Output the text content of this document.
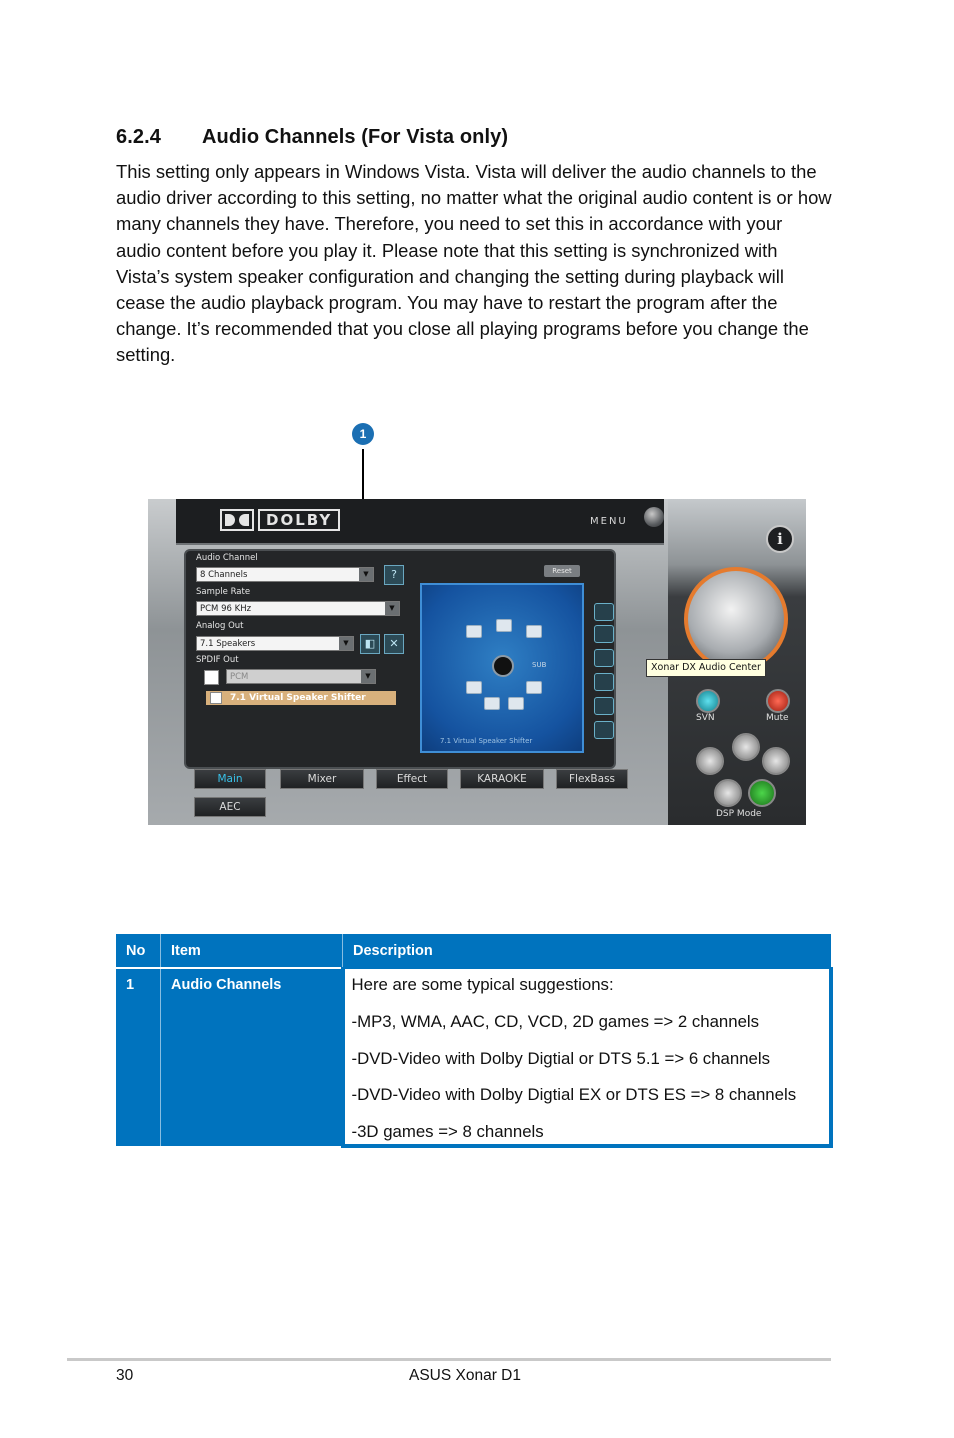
6.2.4 Audio Channels (For Vista only)

This setting only appears in Windows Vista. Vista will deliver the audio channels to the audio driver according to this setting, no matter what the original audio content is or how many channels they have. Therefore, you need to set this in accordance with your audio content before you play it. Please note that this setting is synchronized with Vista’s system speaker configuration and changing the setting during playback will cease the audio playback program. You may have to restart the program after the change. It’s recommended that you close all playing programs before you change the setting.

1
DOLBY	MENU
Audio Channel
8 Channels	▼	?
Sample Rate
PCM 96 KHz	▼
Analog Out
7.1 Speakers	▼	◧	✕
SPDIF Out
PCM	▼
7.1 Virtual Speaker Shifter
Reset
SUB
7.1 Virtual Speaker Shifter
Main	Mixer	Effect	KARAOKE	FlexBass
AEC
i
Xonar DX Audio Center
SVN	Mute
DSP Mode
No	Item	Description
1	Audio Channels	Here are some typical suggestions:

-MP3, WMA, AAC, CD, VCD, 2D games => 2 channels

-DVD-Video with Dolby Digtial or DTS 5.1 => 6 channels

-DVD-Video with Dolby Digtial EX or DTS ES => 8 channels

-3D games => 8 channels

30	ASUS Xonar D1
